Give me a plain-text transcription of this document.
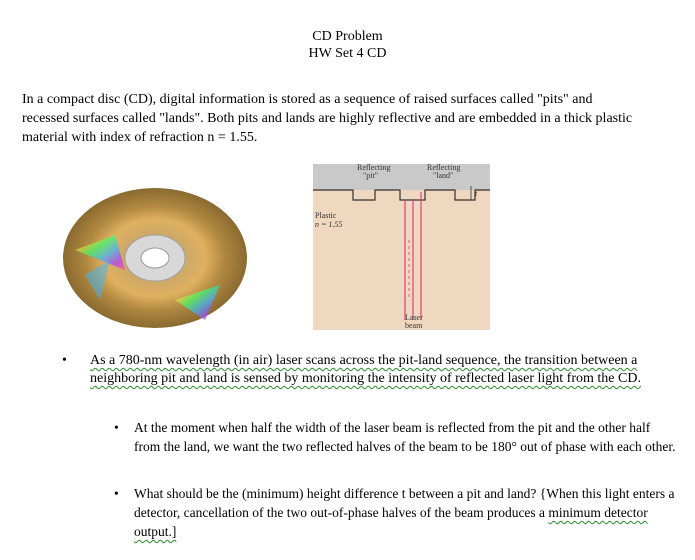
CD Problem
HW Set 4 CD
In a compact disc (CD), digital information is stored as a sequence of raised surfaces called "pits" and recessed surfaces called "lands". Both pits and lands are highly reflective and are embedded in a thick plastic material with index of refraction n = 1.55.
t
Reflecting
"pit"
Reflecting
"land"
Plastic
n = 1.55
Laser
beam
• As a 780-nm wavelength (in air) laser scans across the pit-land sequence, the transition between a neighboring pit and land is sensed by monitoring the intensity of reflected laser light from the CD.
• At the moment when half the width of the laser beam is reflected from the pit and the other half from the land, we want the two reflected halves of the beam to be 180° out of phase with each other.
• What should be the (minimum) height difference t between a pit and land? {When this light enters a detector, cancellation of the two out-of-phase halves of the beam produces a minimum detector output.]
